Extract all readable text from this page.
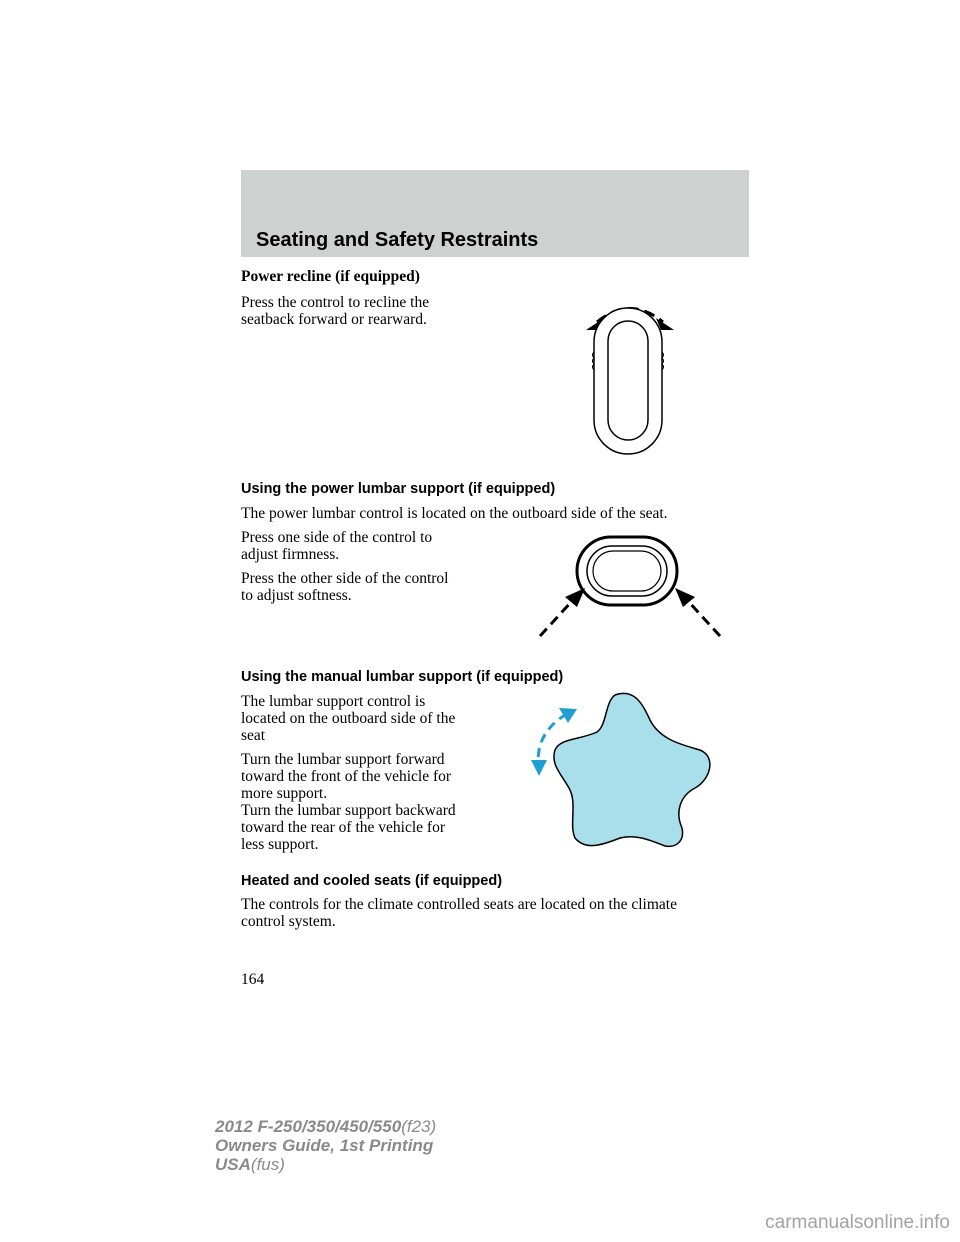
Seating and Safety Restraints
Power recline (if equipped)
Press the control to recline the
seatback forward or rearward.
Using the power lumbar support (if equipped)
The power lumbar control is located on the outboard side of the seat.
Press one side of the control to
adjust firmness.
Press the other side of the control
to adjust softness.
Using the manual lumbar support (if equipped)
The lumbar support control is
located on the outboard side of the
seat
Turn the lumbar support forward
toward the front of the vehicle for
more support.
Turn the lumbar support backward
toward the rear of the vehicle for
less support.
Heated and cooled seats (if equipped)
The controls for the climate controlled seats are located on the climate
control system.
164
2012 F-250/350/450/550(f23)
Owners Guide, 1st Printing
USA(fus)
carmanualsonline.info
